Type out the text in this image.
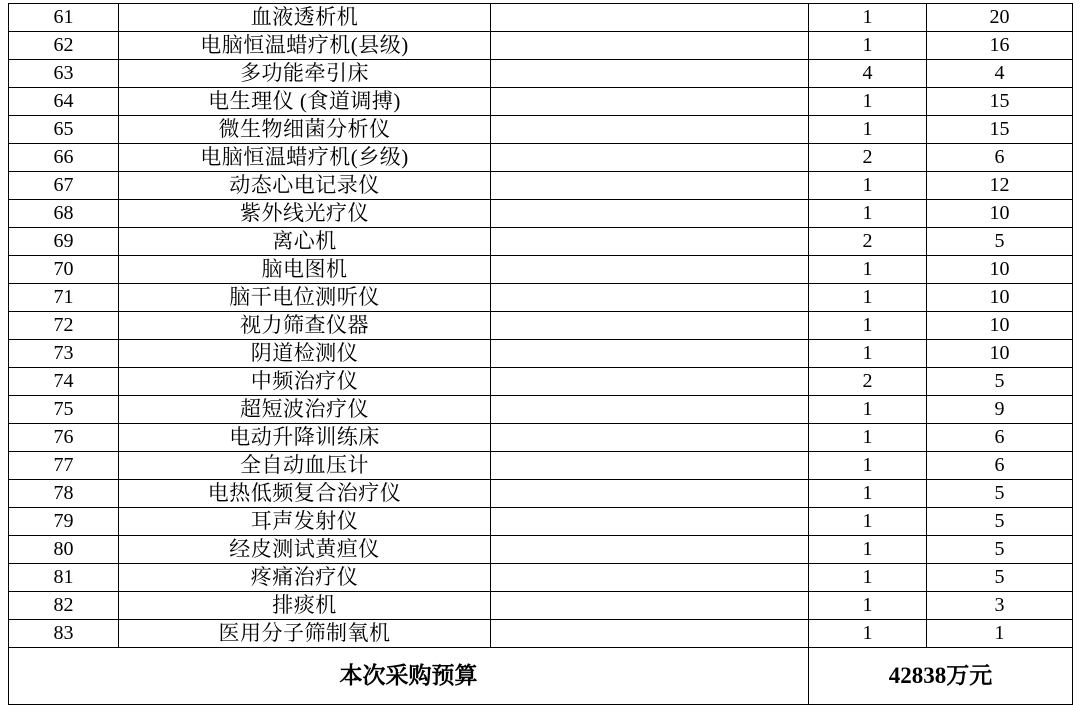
61	血液透析机		1	20
62	电脑恒温蜡疗机(县级)		1	16
63	多功能牵引床		4	4
64	电生理仪 (食道调搏)		1	15
65	微生物细菌分析仪		1	15
66	电脑恒温蜡疗机(乡级)		2	6
67	动态心电记录仪		1	12
68	紫外线光疗仪		1	10
69	离心机		2	5
70	脑电图机		1	10
71	脑干电位测听仪		1	10
72	视力筛查仪器		1	10
73	阴道检测仪		1	10
74	中频治疗仪		2	5
75	超短波治疗仪		1	9
76	电动升降训练床		1	6
77	全自动血压计		1	6
78	电热低频复合治疗仪		1	5
79	耳声发射仪		1	5
80	经皮测试黄疸仪		1	5
81	疼痛治疗仪		1	5
82	排痰机		1	3
83	医用分子筛制氧机		1	1
本次采购预算			42838万元	
